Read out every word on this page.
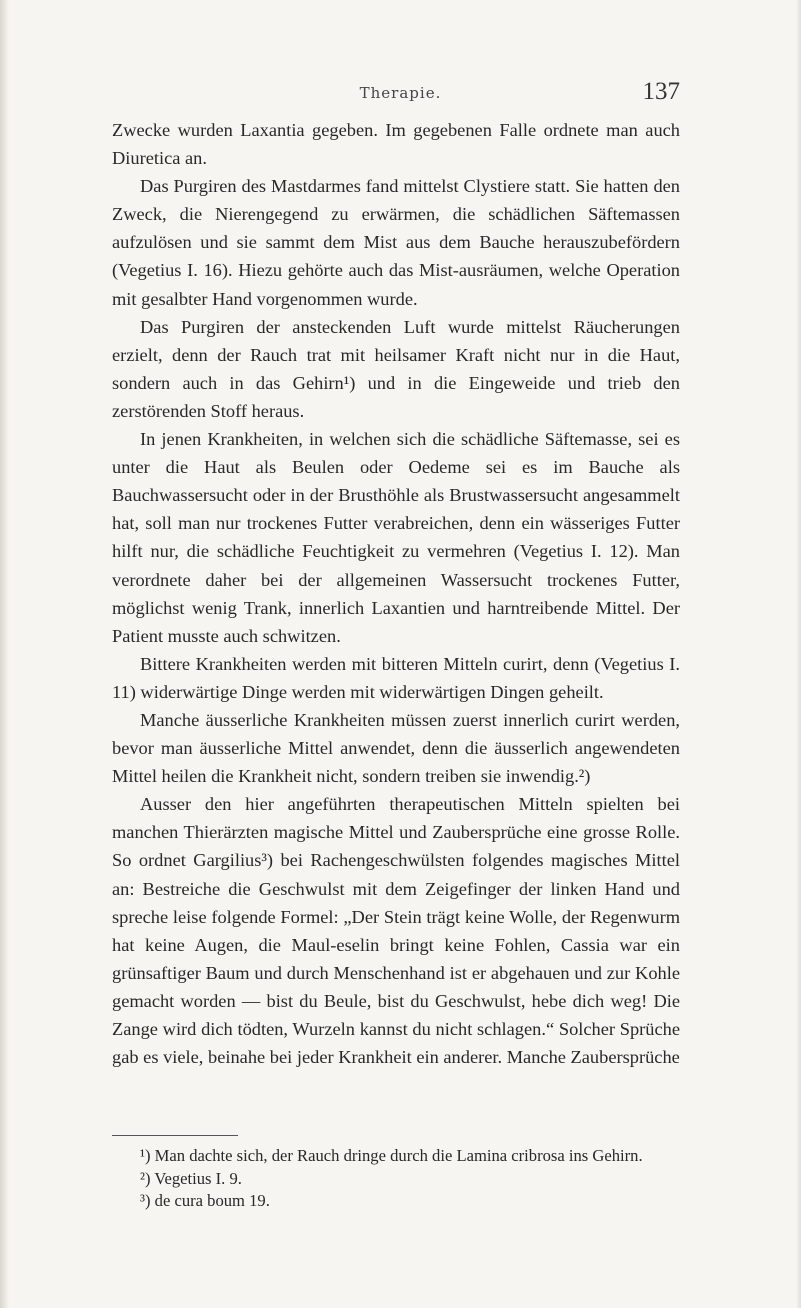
Therapie.	137

Zwecke wurden Laxantia gegeben. Im gegebenen Falle ordnete man auch Diuretica an.

Das Purgiren des Mastdarmes fand mittelst Clystiere statt. Sie hatten den Zweck, die Nierengegend zu erwärmen, die schädlichen Säftemassen aufzulösen und sie sammt dem Mist aus dem Bauche herauszubefördern (Vegetius I. 16). Hiezu gehörte auch das Mist-ausräumen, welche Operation mit gesalbter Hand vorgenommen wurde.

Das Purgiren der ansteckenden Luft wurde mittelst Räucherungen erzielt, denn der Rauch trat mit heilsamer Kraft nicht nur in die Haut, sondern auch in das Gehirn¹) und in die Eingeweide und trieb den zerstörenden Stoff heraus.

In jenen Krankheiten, in welchen sich die schädliche Säftemasse, sei es unter die Haut als Beulen oder Oedeme sei es im Bauche als Bauchwassersucht oder in der Brusthöhle als Brustwassersucht angesammelt hat, soll man nur trockenes Futter verabreichen, denn ein wässeriges Futter hilft nur, die schädliche Feuchtigkeit zu vermehren (Vegetius I. 12). Man verordnete daher bei der allgemeinen Wassersucht trockenes Futter, möglichst wenig Trank, innerlich Laxantien und harntreibende Mittel. Der Patient musste auch schwitzen.

Bittere Krankheiten werden mit bitteren Mitteln curirt, denn (Vegetius I. 11) widerwärtige Dinge werden mit widerwärtigen Dingen geheilt.

Manche äusserliche Krankheiten müssen zuerst innerlich curirt werden, bevor man äusserliche Mittel anwendet, denn die äusserlich angewendeten Mittel heilen die Krankheit nicht, sondern treiben sie inwendig.²)

Ausser den hier angeführten therapeutischen Mitteln spielten bei manchen Thierärzten magische Mittel und Zaubersprüche eine grosse Rolle. So ordnet Gargilius³) bei Rachengeschwülsten folgendes magisches Mittel an: Bestreiche die Geschwulst mit dem Zeigefinger der linken Hand und spreche leise folgende Formel: „Der Stein trägt keine Wolle, der Regenwurm hat keine Augen, die Maul-eselin bringt keine Fohlen, Cassia war ein grünsaftiger Baum und durch Menschenhand ist er abgehauen und zur Kohle gemacht worden — bist du Beule, bist du Geschwulst, hebe dich weg! Die Zange wird dich tödten, Wurzeln kannst du nicht schlagen.“ Solcher Sprüche gab es viele, beinahe bei jeder Krankheit ein anderer. Manche Zaubersprüche

¹) Man dachte sich, der Rauch dringe durch die Lamina cribrosa ins Gehirn.

²) Vegetius I. 9.

³) de cura boum 19.
